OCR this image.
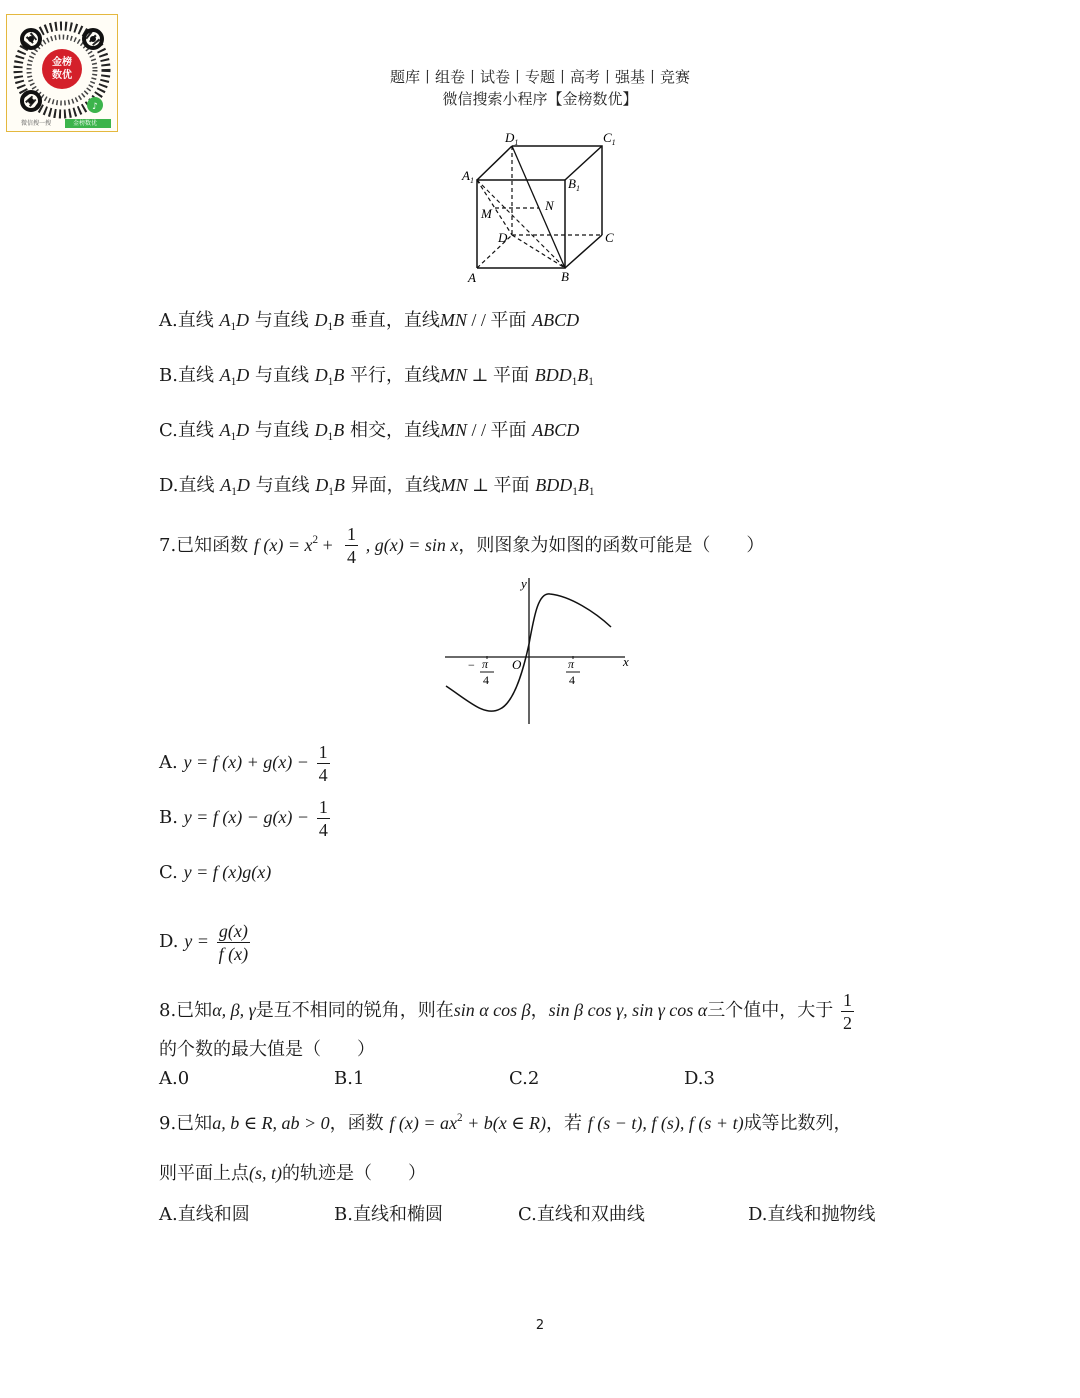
金榜
数优
♪
微信搜一搜	金榜数优
题库丨组卷丨试卷丨专题丨高考丨强基丨竞赛
微信搜索小程序【金榜数优】
$D_1$	$C_1$
$A_1$	$B_1$
M
N
D	C
A	B
A.直线 $A_1D$ 与直线 $D_1B$ 垂直，直线MN / / 平面 ABCD
B.直线 $A_1D$ 与直线 $D_1B$ 平行，直线MN ⊥ 平面 $BDD_1B_1$
C.直线 $A_1D$ 与直线 $D_1B$ 相交，直线MN / / 平面 ABCD
D.直线 $A_1D$ 与直线 $D_1B$ 异面，直线MN ⊥ 平面 $BDD_1B_1$
7.已知函数 f $(x) = x^2 + \frac{1}{4}$ , g(x) = sin x，则图象为如图的函数可能是（　　）
y
x
O
− π
4
π
4
A. y = f $(x) + g(x) - \frac{1}{4}$
B. y = f $(x) - g(x) - \frac{1}{4}$
C. y = f (x)g(x)
D. $y = \frac{g(x)}{f (x)}$
8.已知α, β, γ是互不相同的锐角，则在sin α cos β，sin β cos γ, sin γ cos α三个值中，大于 $\frac{1}{2}$
的个数的最大值是（　　）
A.0	B.1	C.2	D.3
9.已知a, b ∈ R, ab > 0，函数 f $(x) = ax^2 + b(x$ ∈ R)，若 f (s − t), f (s), f (s + t)成等比数列，
则平面上点(s, t)的轨迹是（　　）
A.直线和圆	B.直线和椭圆	C.直线和双曲线	D.直线和抛物线
2
